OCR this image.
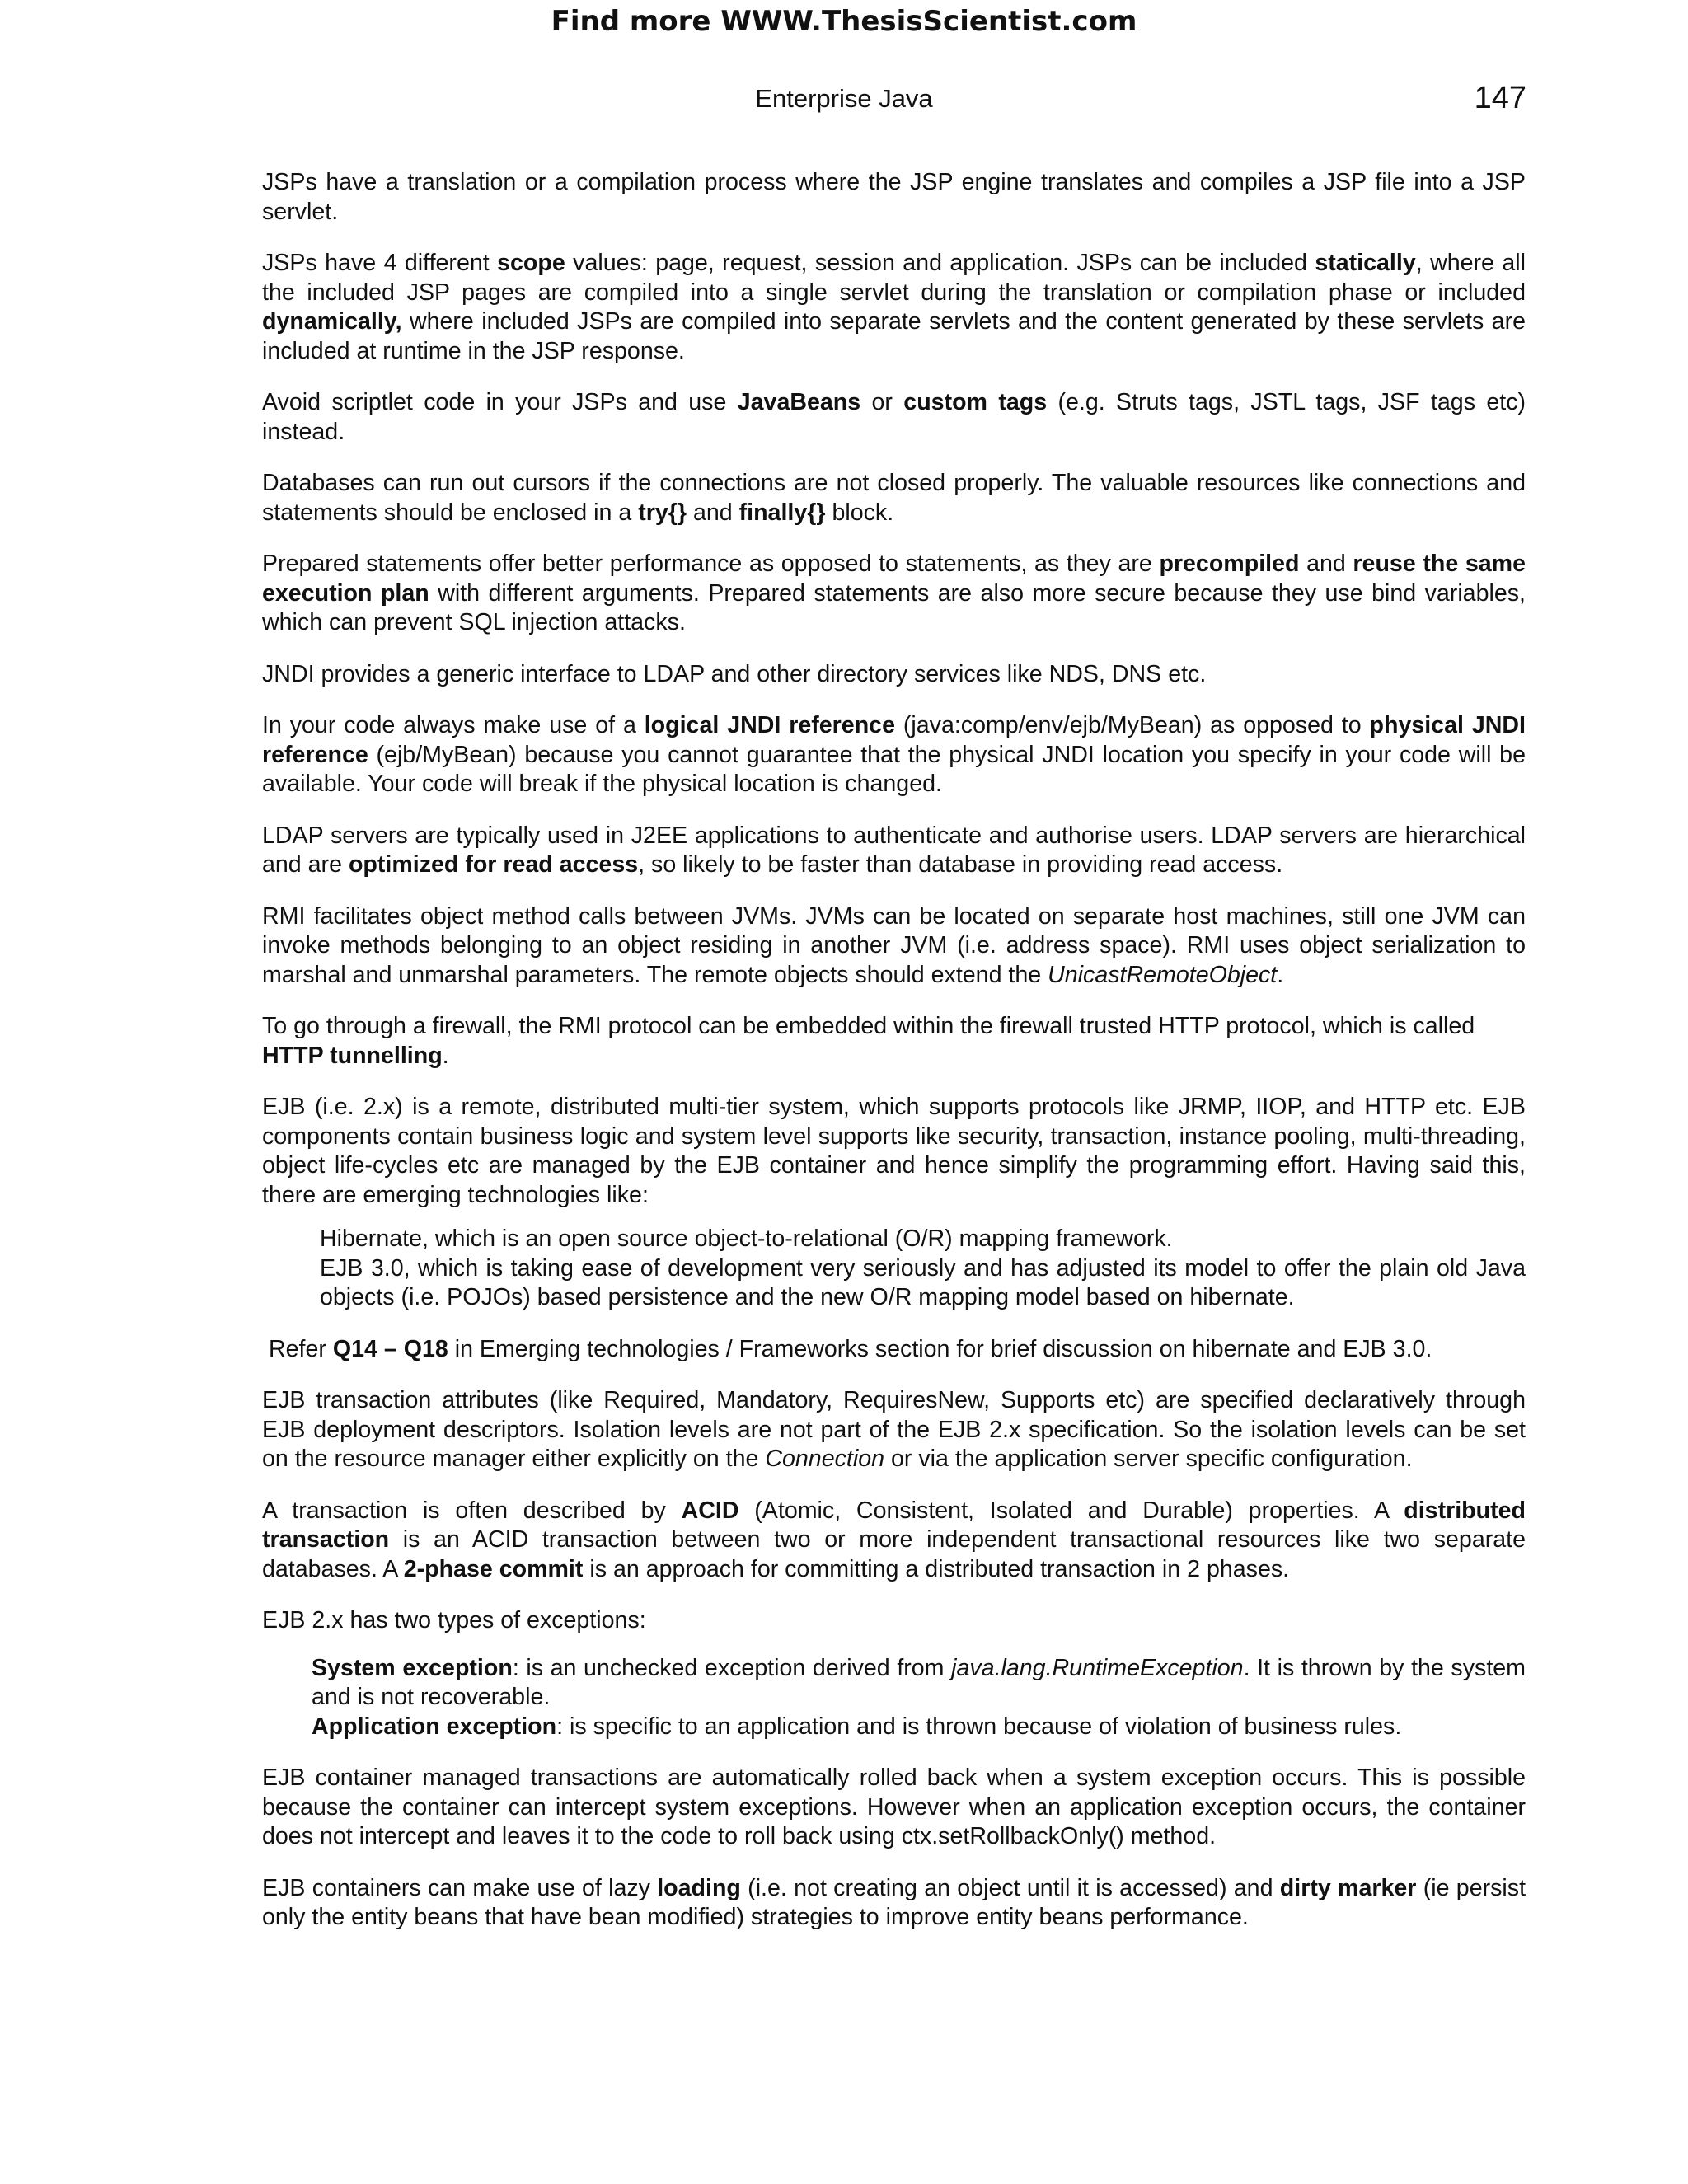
Find more WWW.ThesisScientist.com
Enterprise Java	147

JSPs have a translation or a compilation process where the JSP engine translates and compiles a JSP file into a JSP servlet.

JSPs have 4 different scope values: page, request, session and application. JSPs can be included statically, where all the included JSP pages are compiled into a single servlet during the translation or compilation phase or included dynamically, where included JSPs are compiled into separate servlets and the content generated by these servlets are included at runtime in the JSP response.

Avoid scriptlet code in your JSPs and use JavaBeans or custom tags (e.g. Struts tags, JSTL tags, JSF tags etc) instead.

Databases can run out cursors if the connections are not closed properly. The valuable resources like connections and statements should be enclosed in a try{} and finally{} block.

Prepared statements offer better performance as opposed to statements, as they are precompiled and reuse the same execution plan with different arguments. Prepared statements are also more secure because they use bind variables, which can prevent SQL injection attacks.

JNDI provides a generic interface to LDAP and other directory services like NDS, DNS etc.

In your code always make use of a logical JNDI reference (java:comp/env/ejb/MyBean) as opposed to physical JNDI reference (ejb/MyBean) because you cannot guarantee that the physical JNDI location you specify in your code will be available. Your code will break if the physical location is changed.

LDAP servers are typically used in J2EE applications to authenticate and authorise users. LDAP servers are hierarchical and are optimized for read access, so likely to be faster than database in providing read access.

RMI facilitates object method calls between JVMs. JVMs can be located on separate host machines, still one JVM can invoke methods belonging to an object residing in another JVM (i.e. address space). RMI uses object serialization to marshal and unmarshal parameters. The remote objects should extend the UnicastRemoteObject.

To go through a firewall, the RMI protocol can be embedded within the firewall trusted HTTP protocol, which is called HTTP tunnelling.

EJB (i.e. 2.x) is a remote, distributed multi-tier system, which supports protocols like JRMP, IIOP, and HTTP etc. EJB components contain business logic and system level supports like security, transaction, instance pooling, multi-threading, object life-cycles etc are managed by the EJB container and hence simplify the programming effort. Having said this, there are emerging technologies like:

Hibernate, which is an open source object-to-relational (O/R) mapping framework.
EJB 3.0, which is taking ease of development very seriously and has adjusted its model to offer the plain old Java objects (i.e. POJOs) based persistence and the new O/R mapping model based on hibernate.

Refer Q14 – Q18 in Emerging technologies / Frameworks section for brief discussion on hibernate and EJB 3.0.

EJB transaction attributes (like Required, Mandatory, RequiresNew, Supports etc) are specified declaratively through EJB deployment descriptors. Isolation levels are not part of the EJB 2.x specification. So the isolation levels can be set on the resource manager either explicitly on the Connection or via the application server specific configuration.

A transaction is often described by ACID (Atomic, Consistent, Isolated and Durable) properties. A distributed transaction is an ACID transaction between two or more independent transactional resources like two separate databases. A 2-phase commit is an approach for committing a distributed transaction in 2 phases.

EJB 2.x has two types of exceptions:

System exception: is an unchecked exception derived from java.lang.RuntimeException. It is thrown by the system and is not recoverable.
Application exception: is specific to an application and is thrown because of violation of business rules.

EJB container managed transactions are automatically rolled back when a system exception occurs. This is possible because the container can intercept system exceptions. However when an application exception occurs, the container does not intercept and leaves it to the code to roll back using ctx.setRollbackOnly() method.

EJB containers can make use of lazy loading (i.e. not creating an object until it is accessed) and dirty marker (ie persist only the entity beans that have bean modified) strategies to improve entity beans performance.
